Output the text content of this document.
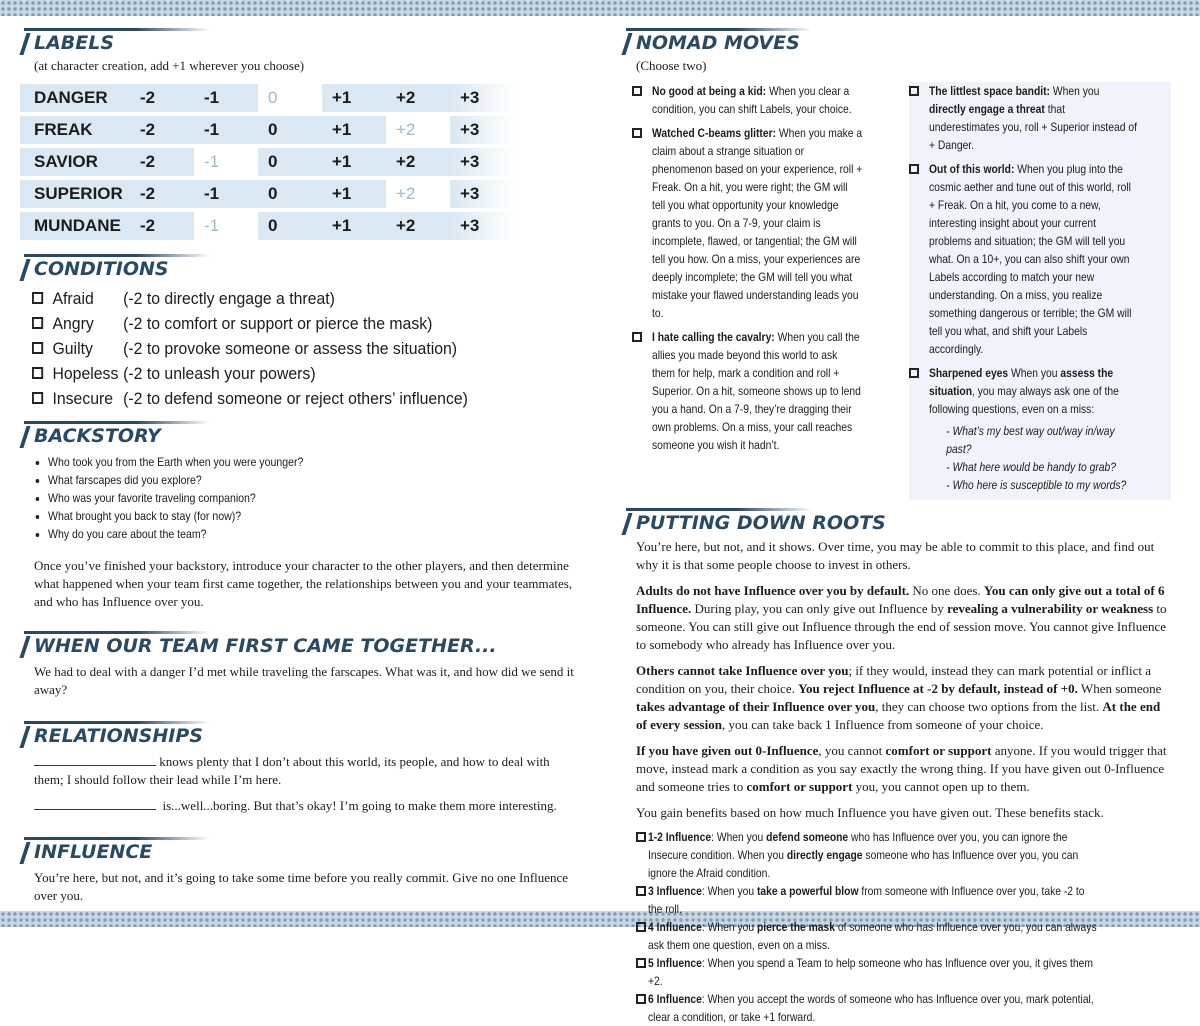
LABELS
(at character creation, add +1 wherever you choose)
DANGER	-2	-1	0	+1	+2	+3
FREAK	-2	-1	0	+1	+2	+3
SAVIOR	-2	-1	0	+1	+2	+3
SUPERIOR	-2	-1	0	+1	+2	+3
MUNDANE	-2	-1	0	+1	+2	+3
CONDITIONS
Afraid	(-2 to directly engage a threat)
Angry	(-2 to comfort or support or pierce the mask)
Guilty	(-2 to provoke someone or assess the situation)
Hopeless (-2 to unleash your powers)
Insecure (-2 to defend someone or reject others’ influence)
BACKSTORY
• Who took you from the Earth when you were younger?
• What farscapes did you explore?
• Who was your favorite traveling companion?
• What brought you back to stay (for now)?
• Why do you care about the team?

Once you’ve finished your backstory, introduce your character to the other players, and then determine what happened when your team first came together, the relationships between you and your teammates, and who has Influence over you.

WHEN OUR TEAM FIRST CAME TOGETHER...

We had to deal with a danger I’d met while traveling the farscapes. What was it, and how did we send it away?

RELATIONSHIPS

knows plenty that I don’t about this world, its people, and how to deal with them; I should follow their lead while I’m here.

is...well...boring. But that’s okay! I’m going to make them more interesting.

INFLUENCE

You’re here, but not, and it’s going to take some time before you really commit. Give no one Influence over you.

NOMAD MOVES
(Choose two)
No good at being a kid: When you clear a condition, you can shift Labels, your choice.
Watched C-beams glitter: When you make a claim about a strange situation or phenomenon based on your experience, roll + Freak. On a hit, you were right; the GM will tell you what opportunity your knowledge grants to you. On a 7-9, your claim is incomplete, flawed, or tangential; the GM will tell you how. On a miss, your experiences are deeply incomplete; the GM will tell you what mistake your flawed understanding leads you to.
I hate calling the cavalry: When you call the allies you made beyond this world to ask them for help, mark a condition and roll + Superior. On a hit, someone shows up to lend you a hand. On a 7-9, they’re dragging their own problems. On a miss, your call reaches someone you wish it hadn’t.
The littlest space bandit: When you directly engage a threat that underestimates you, roll + Superior instead of + Danger.
Out of this world: When you plug into the cosmic aether and tune out of this world, roll + Freak. On a hit, you come to a new, interesting insight about your current problems and situation; the GM will tell you what. On a 10+, you can also shift your own Labels according to match your new understanding. On a miss, you realize something dangerous or terrible; the GM will tell you what, and shift your Labels accordingly.
Sharpened eyes When you assess the situation, you may always ask one of the following questions, even on a miss:
- What’s my best way out/way in/way past?
- What here would be handy to grab?
- Who here is susceptible to my words?
PUTTING DOWN ROOTS

You’re here, but not, and it shows. Over time, you may be able to commit to this place, and find out why it is that some people choose to invest in others.

Adults do not have Influence over you by default. No one does. You can only give out a total of 6 Influence. During play, you can only give out Influence by revealing a vulnerability or weakness to someone. You can still give out Influence through the end of session move. You cannot give Influence to somebody who already has Influence over you.

Others cannot take Influence over you; if they would, instead they can mark potential or inflict a condition on you, their choice. You reject Influence at -2 by default, instead of +0. When someone takes advantage of their Influence over you, they can choose two options from the list. At the end of every session, you can take back 1 Influence from someone of your choice.

If you have given out 0-Influence, you cannot comfort or support anyone. If you would trigger that move, instead mark a condition as you say exactly the wrong thing. If you have given out 0-Influence and someone tries to comfort or support you, you cannot open up to them.

You gain benefits based on how much Influence you have given out. These benefits stack.

1-2 Influence: When you defend someone who has Influence over you, you can ignore the Insecure condition. When you directly engage someone who has Influence over you, you can ignore the Afraid condition.
3 Influence: When you take a powerful blow from someone with Influence over you, take -2 to the roll.
4 Influence: When you pierce the mask of someone who has Influence over you, you can always ask them one question, even on a miss.
5 Influence: When you spend a Team to help someone who has Influence over you, it gives them +2.
6 Influence: When you accept the words of someone who has Influence over you, mark potential, clear a condition, or take +1 forward.
